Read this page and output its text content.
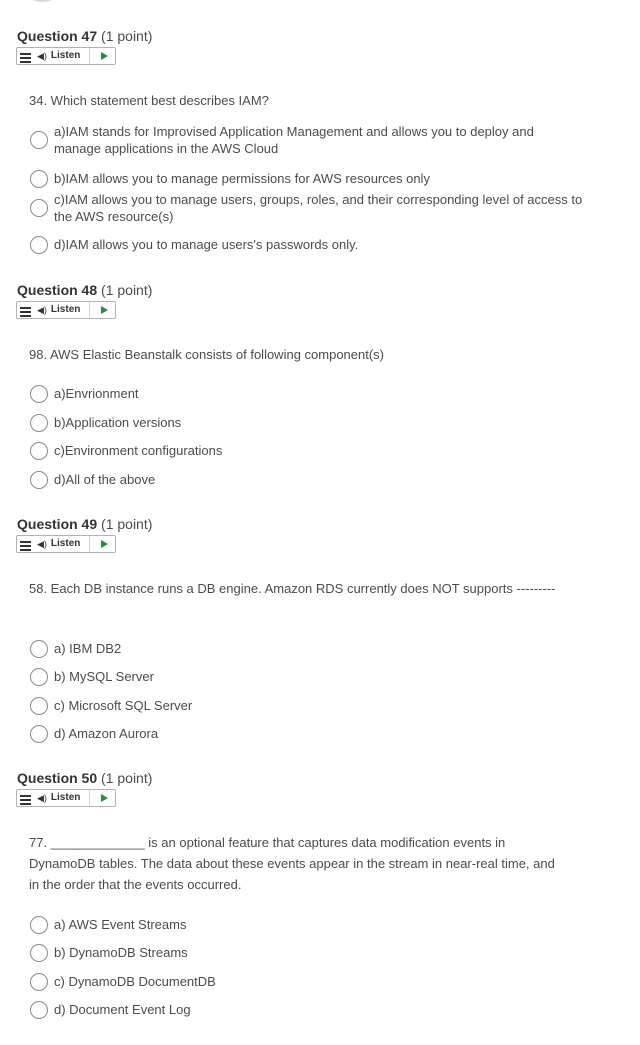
Question 47 (1 point)
◀) Listen
34. Which statement best describes IAM?
a)IAM stands for Improvised Application Management and allows you to deploy and manage applications in the AWS Cloud
b)IAM allows you to manage permissions for AWS resources only
c)IAM allows you to manage users, groups, roles, and their corresponding level of access to the AWS resource(s)
d)IAM allows you to manage users's passwords only.
Question 48 (1 point)
◀) Listen
98. AWS Elastic Beanstalk consists of following component(s)
a)Envrionment
b)Application versions
c)Environment configurations
d)All of the above
Question 49 (1 point)
◀) Listen
58. Each DB instance runs a DB engine. Amazon RDS currently does NOT supports ---------
a) IBM DB2
b) MySQL Server
c) Microsoft SQL Server
d) Amazon Aurora
Question 50 (1 point)
◀) Listen
77. _____________ is an optional feature that captures data modification events in DynamoDB tables. The data about these events appear in the stream in near-real time, and in the order that the events occurred.
a) AWS Event Streams
b) DynamoDB Streams
c) DynamoDB DocumentDB
d) Document Event Log
